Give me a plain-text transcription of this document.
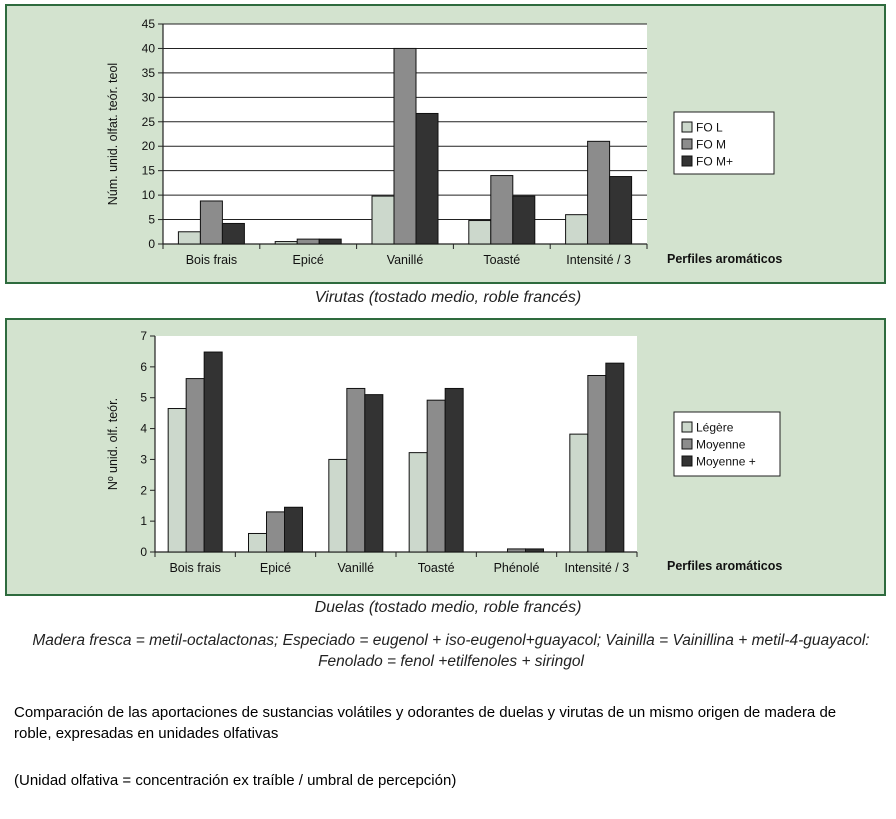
0
5
10
15
20
25
30
35
40
45
Bois frais	Epicé	Vanillé	Toasté	Intensité / 3
Núm. unid. olfat. teór. teol
Perfiles aromáticos
FO L
FO M
FO M+
Virutas (tostado medio, roble francés)
0
1
2
3
4
5
6
7
Bois frais	Epicé	Vanillé	Toasté	Phénolé Intensité / 3
Nº unid. olf. teór.
Perfiles aromáticos
Légère
Moyenne
Moyenne +
Duelas (tostado medio, roble francés)
Madera fresca = metil-octalactonas; Especiado = eugenol + iso-eugenol+guayacol; Vainilla = Vainillina + metil-4-guayacol: Fenolado = fenol +etilfenoles + siringol
Comparación de las aportaciones de sustancias volátiles y odorantes de duelas y virutas de un mismo origen de madera de roble, expresadas en unidades olfativas
(Unidad olfativa = concentración ex traíble / umbral de percepción)
